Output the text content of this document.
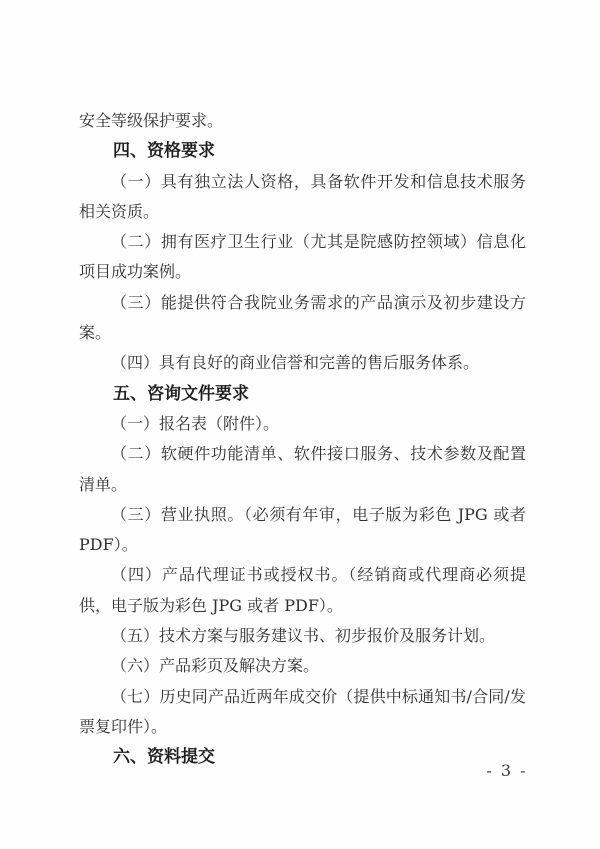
安全等级保护要求。

四、资格要求

（一）具有独立法人资格，具备软件开发和信息技术服务相关资质。

（二）拥有医疗卫生行业（尤其是院感防控领域）信息化项目成功案例。

（三）能提供符合我院业务需求的产品演示及初步建设方案。

（四）具有良好的商业信誉和完善的售后服务体系。

五、咨询文件要求

（一）报名表（附件）。

（二）软硬件功能清单、软件接口服务、技术参数及配置清单。

（三）营业执照。（必须有年审，电子版为彩色 JPG 或者 PDF）。

（四）产品代理证书或授权书。（经销商或代理商必须提供，电子版为彩色 JPG 或者 PDF）。

（五）技术方案与服务建议书、初步报价及服务计划。

（六）产品彩页及解决方案。

（七）历史同产品近两年成交价（提供中标通知书/合同/发票复印件）。

六、资料提交
- 3 -
